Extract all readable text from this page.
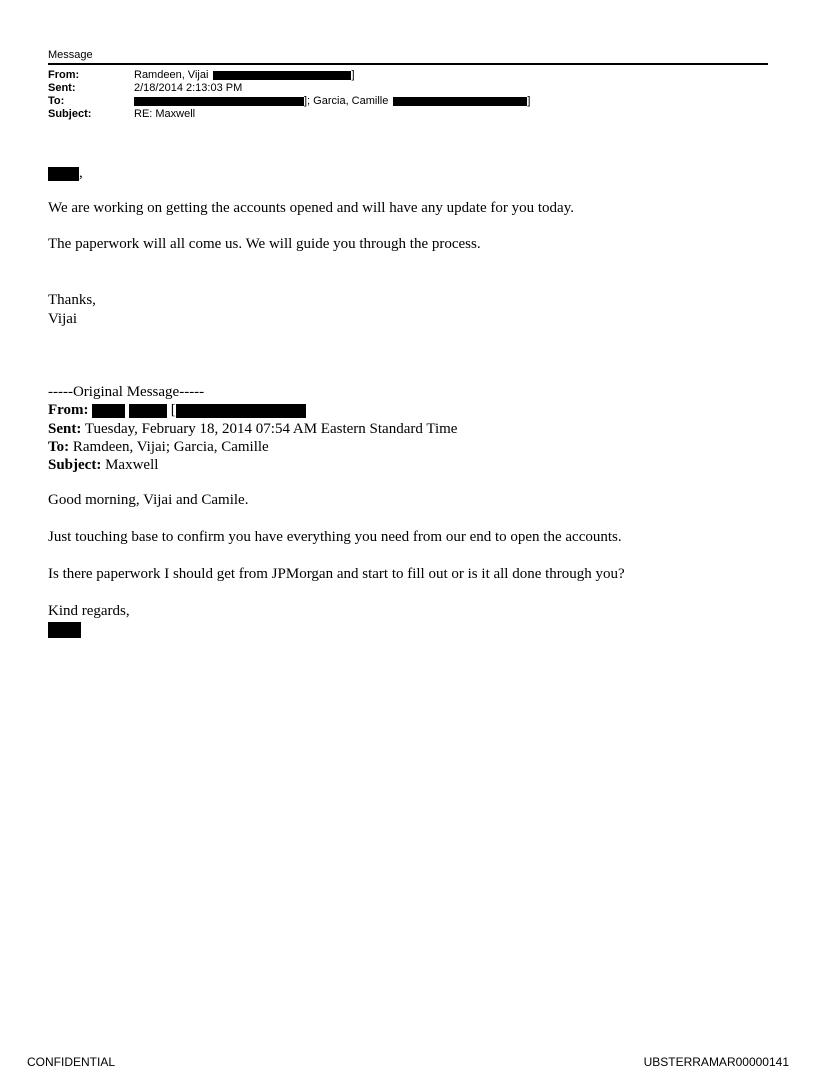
Message
From:	Ramdeen, Vijai	]
Sent:	2/18/2014 2:13:03 PM
To:	]; Garcia, Camille	]
Subject:	RE: Maxwell
,
We are working on getting the accounts opened and will have any update for you today.
The paperwork will all come us. We will guide you through the process.
Thanks,
Vijai
-----Original Message-----
From:	[
Sent: Tuesday, February 18, 2014 07:54 AM Eastern Standard Time
To: Ramdeen, Vijai; Garcia, Camille
Subject: Maxwell
Good morning, Vijai and Camile.
Just touching base to confirm you have everything you need from our end to open the accounts.
Is there paperwork I should get from JPMorgan and start to fill out or is it all done through you?
Kind regards,
CONFIDENTIAL	UBSTERRAMAR00000141
